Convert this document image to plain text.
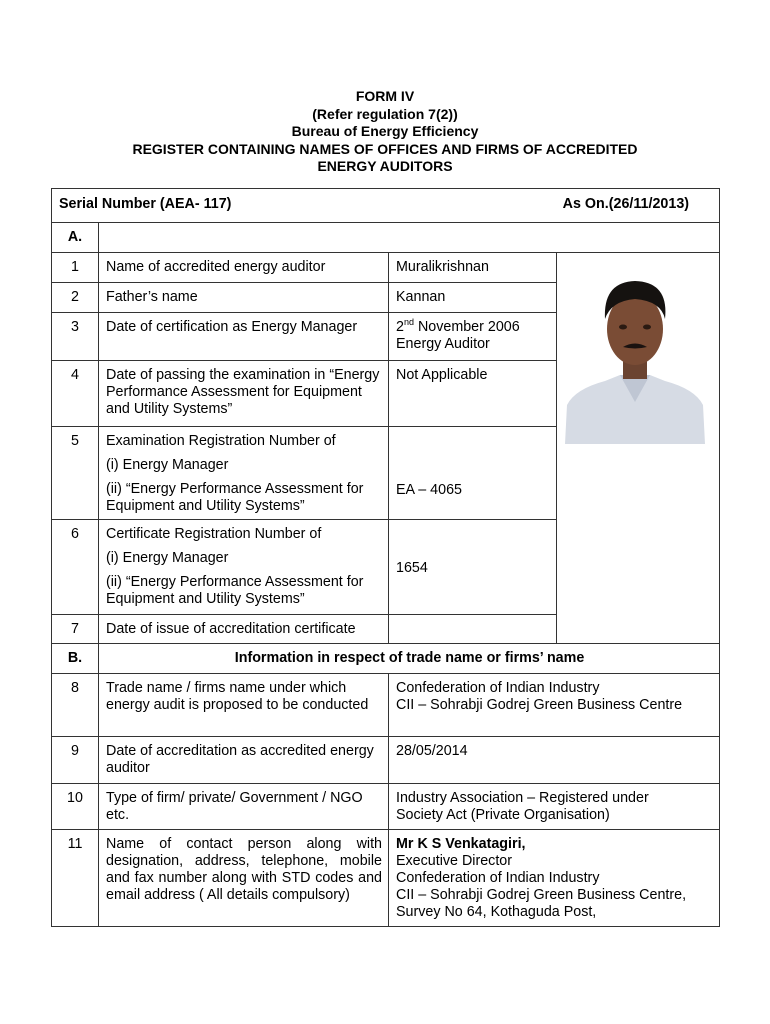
FORM IV
(Refer regulation 7(2))
Bureau of Energy Efficiency
REGISTER CONTAINING NAMES OF OFFICES AND FIRMS OF ACCREDITED
ENERGY AUDITORS
Serial Number (AEA- 117) As On.(26/11/2013)			

A.			
1	Name of accredited energy auditor	Muralikrishnan	
2	Father’s name	Kannan	
3	Date of certification as Energy Manager	2nd November 2006
Energy Auditor	
4	Date of passing the examination in “Energy Performance Assessment for Equipment and Utility Systems”	Not Applicable	
5	Examination Registration Number of
(i) Energy Manager
(ii) “Energy Performance Assessment for Equipment and Utility Systems”	EA – 4065	
6	Certificate Registration Number of
(i) Energy Manager
(ii) “Energy Performance Assessment for Equipment and Utility Systems”	1654	
7	Date of issue of accreditation certificate		
B.	Information in respect of trade name or firms’ name		
8	Trade name / firms name under which energy audit is proposed to be conducted	Confederation of Indian Industry
CII – Sohrabji Godrej Green Business Centre	

9	Date of accreditation as accredited energy auditor	28/05/2014	
10	Type of firm/ private/ Government / NGO etc.	Industry Association – Registered under Society Act (Private Organisation)	
11	Name of contact person along with designation, address, telephone, mobile and fax number along with STD codes and email address ( All details compulsory)	Mr K S Venkatagiri,
Executive Director
Confederation of Indian Industry
CII – Sohrabji Godrej Green Business Centre,
Survey No 64, Kothaguda Post,	
